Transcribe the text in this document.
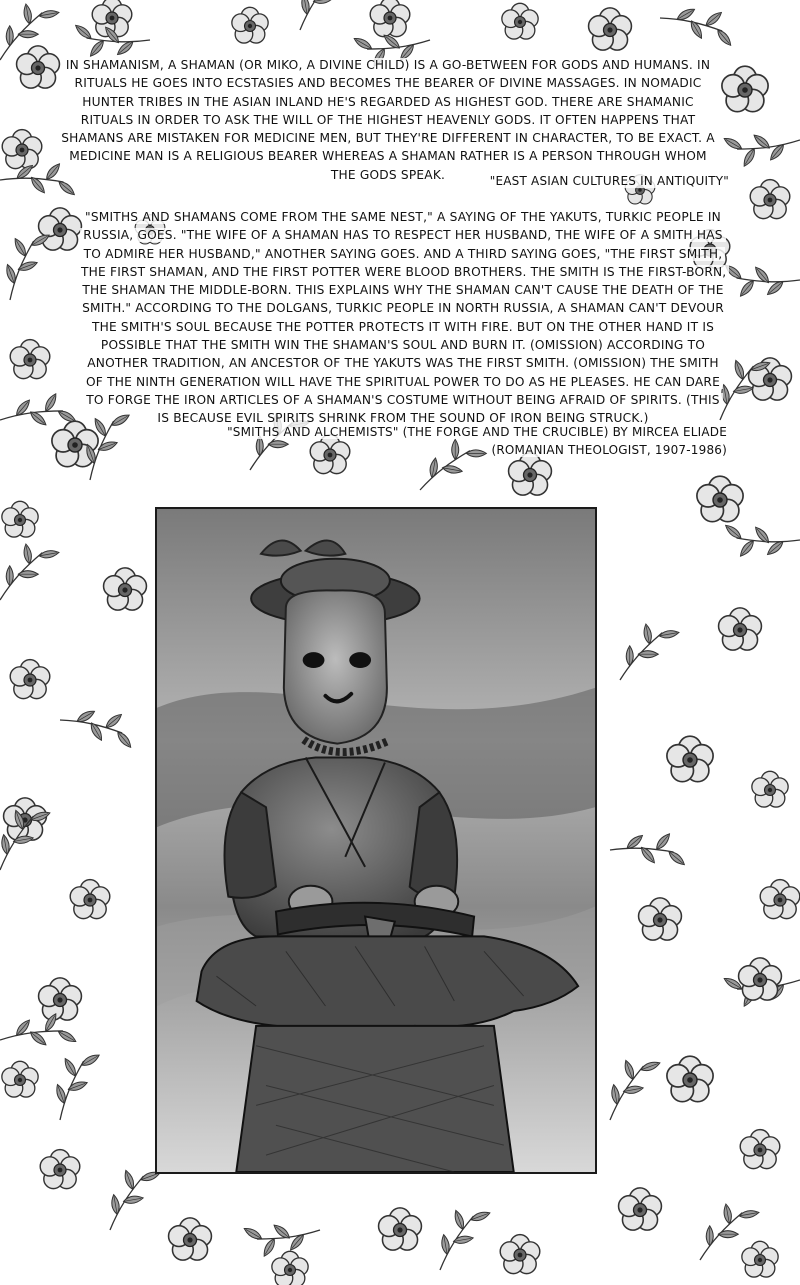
IN SHAMANISM, A SHAMAN (OR MIKO, A DIVINE CHILD) IS A GO-BETWEEN FOR GODS AND HUMANS. IN RITUALS HE GOES INTO ECSTASIES AND BECOMES THE BEARER OF DIVINE MASSAGES. IN NOMADIC HUNTER TRIBES IN THE ASIAN INLAND HE'S REGARDED AS HIGHEST GOD. THERE ARE SHAMANIC RITUALS IN ORDER TO ASK THE WILL OF THE HIGHEST HEAVENLY GODS. IT OFTEN HAPPENS THAT SHAMANS ARE MISTAKEN FOR MEDICINE MEN, BUT THEY'RE DIFFERENT IN CHARACTER, TO BE EXACT. A MEDICINE MAN IS A RELIGIOUS BEARER WHEREAS A SHAMAN RATHER IS A PERSON THROUGH WHOM THE GODS SPEAK.	"EAST ASIAN CULTURES IN ANTIQUITY"
"SMITHS AND SHAMANS COME FROM THE SAME NEST," A SAYING OF THE YAKUTS, TURKIC PEOPLE IN RUSSIA, GOES. "THE WIFE OF A SHAMAN HAS TO RESPECT HER HUSBAND, THE WIFE OF A SMITH HAS TO ADMIRE HER HUSBAND," ANOTHER SAYING GOES. AND A THIRD SAYING GOES, "THE FIRST SMITH, THE FIRST SHAMAN, AND THE FIRST POTTER WERE BLOOD BROTHERS. THE SMITH IS THE FIRST-BORN, THE SHAMAN THE MIDDLE-BORN. THIS EXPLAINS WHY THE SHAMAN CAN'T CAUSE THE DEATH OF THE SMITH." ACCORDING TO THE DOLGANS, TURKIC PEOPLE IN NORTH RUSSIA, A SHAMAN CAN'T DEVOUR THE SMITH'S SOUL BECAUSE THE POTTER PROTECTS IT WITH FIRE. BUT ON THE OTHER HAND IT IS POSSIBLE THAT THE SMITH WIN THE SHAMAN'S SOUL AND BURN IT. (OMISSION) ACCORDING TO ANOTHER TRADITION, AN ANCESTOR OF THE YAKUTS WAS THE FIRST SMITH. (OMISSION) THE SMITH OF THE NINTH GENERATION WILL HAVE THE SPIRITUAL POWER TO DO AS HE PLEASES. HE CAN DARE TO FORGE THE IRON ARTICLES OF A SHAMAN'S COSTUME WITHOUT BEING AFRAID OF SPIRITS. (THIS IS BECAUSE EVIL SPIRITS SHRINK FROM THE SOUND OF IRON BEING STRUCK.)
"SMITHS AND ALCHEMISTS" (THE FORGE AND THE CRUCIBLE) BY MIRCEA ELIADE
(ROMANIAN THEOLOGIST, 1907-1986)
